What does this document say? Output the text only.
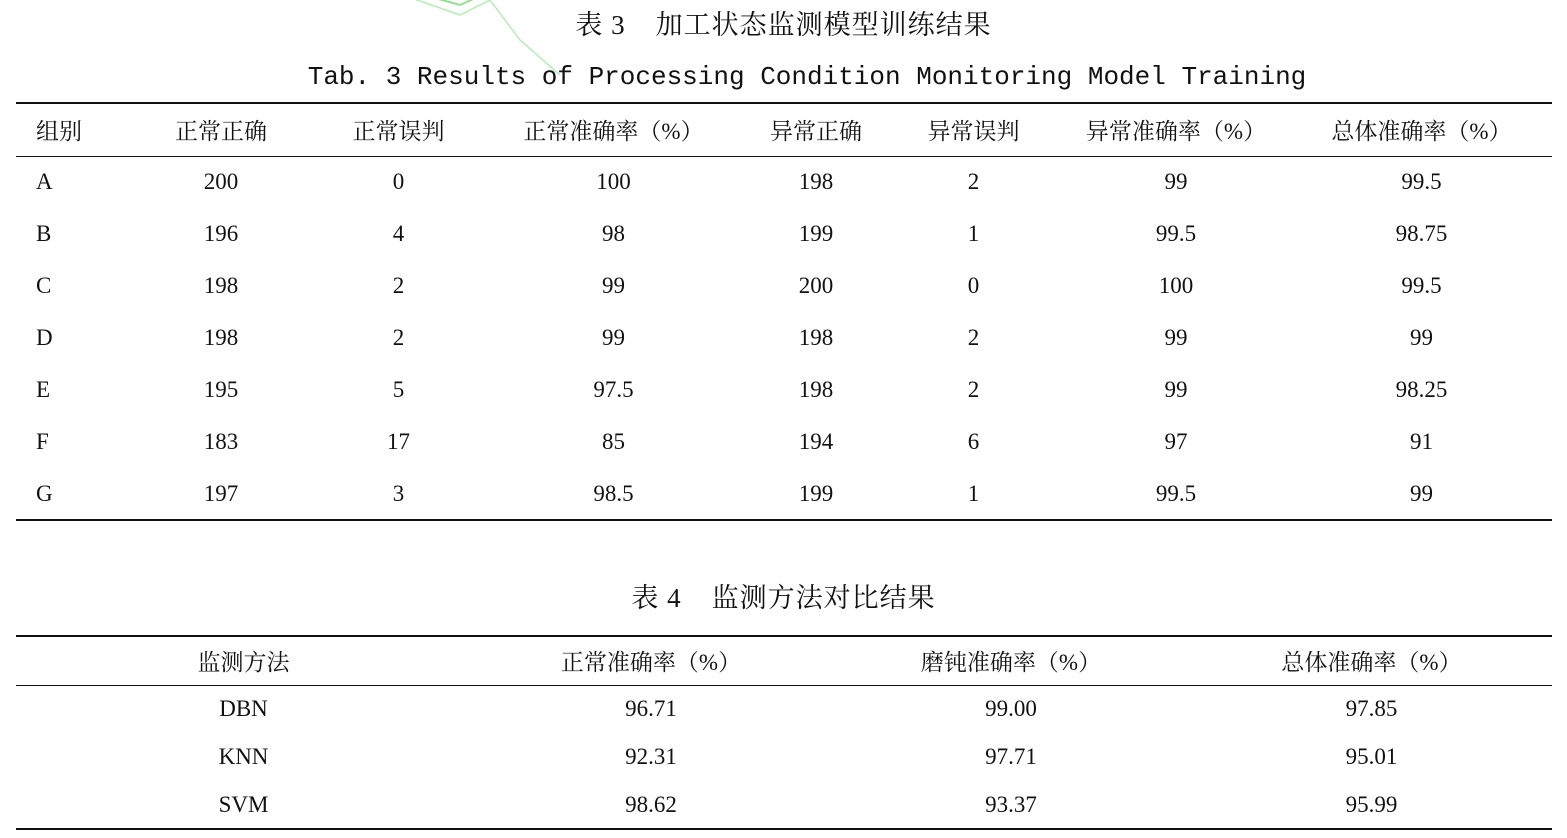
表 3 加工状态监测模型训练结果
Tab. 3 Results of Processing Condition Monitoring Model Training
组别	正常正确	正常误判	正常准确率（%）	异常正确	异常误判	异常准确率（%）	总体准确率（%）
A	200	0	100	198	2	99	99.5
B	196	4	98	199	1	99.5	98.75
C	198	2	99	200	0	100	99.5
D	198	2	99	198	2	99	99
E	195	5	97.5	198	2	99	98.25
F	183	17	85	194	6	97	91
G	197	3	98.5	199	1	99.5	99
表 4 监测方法对比结果
监测方法	正常准确率（%）	磨钝准确率（%）	总体准确率（%）
DBN	96.71	99.00	97.85
KNN	92.31	97.71	95.01
SVM	98.62	93.37	95.99
